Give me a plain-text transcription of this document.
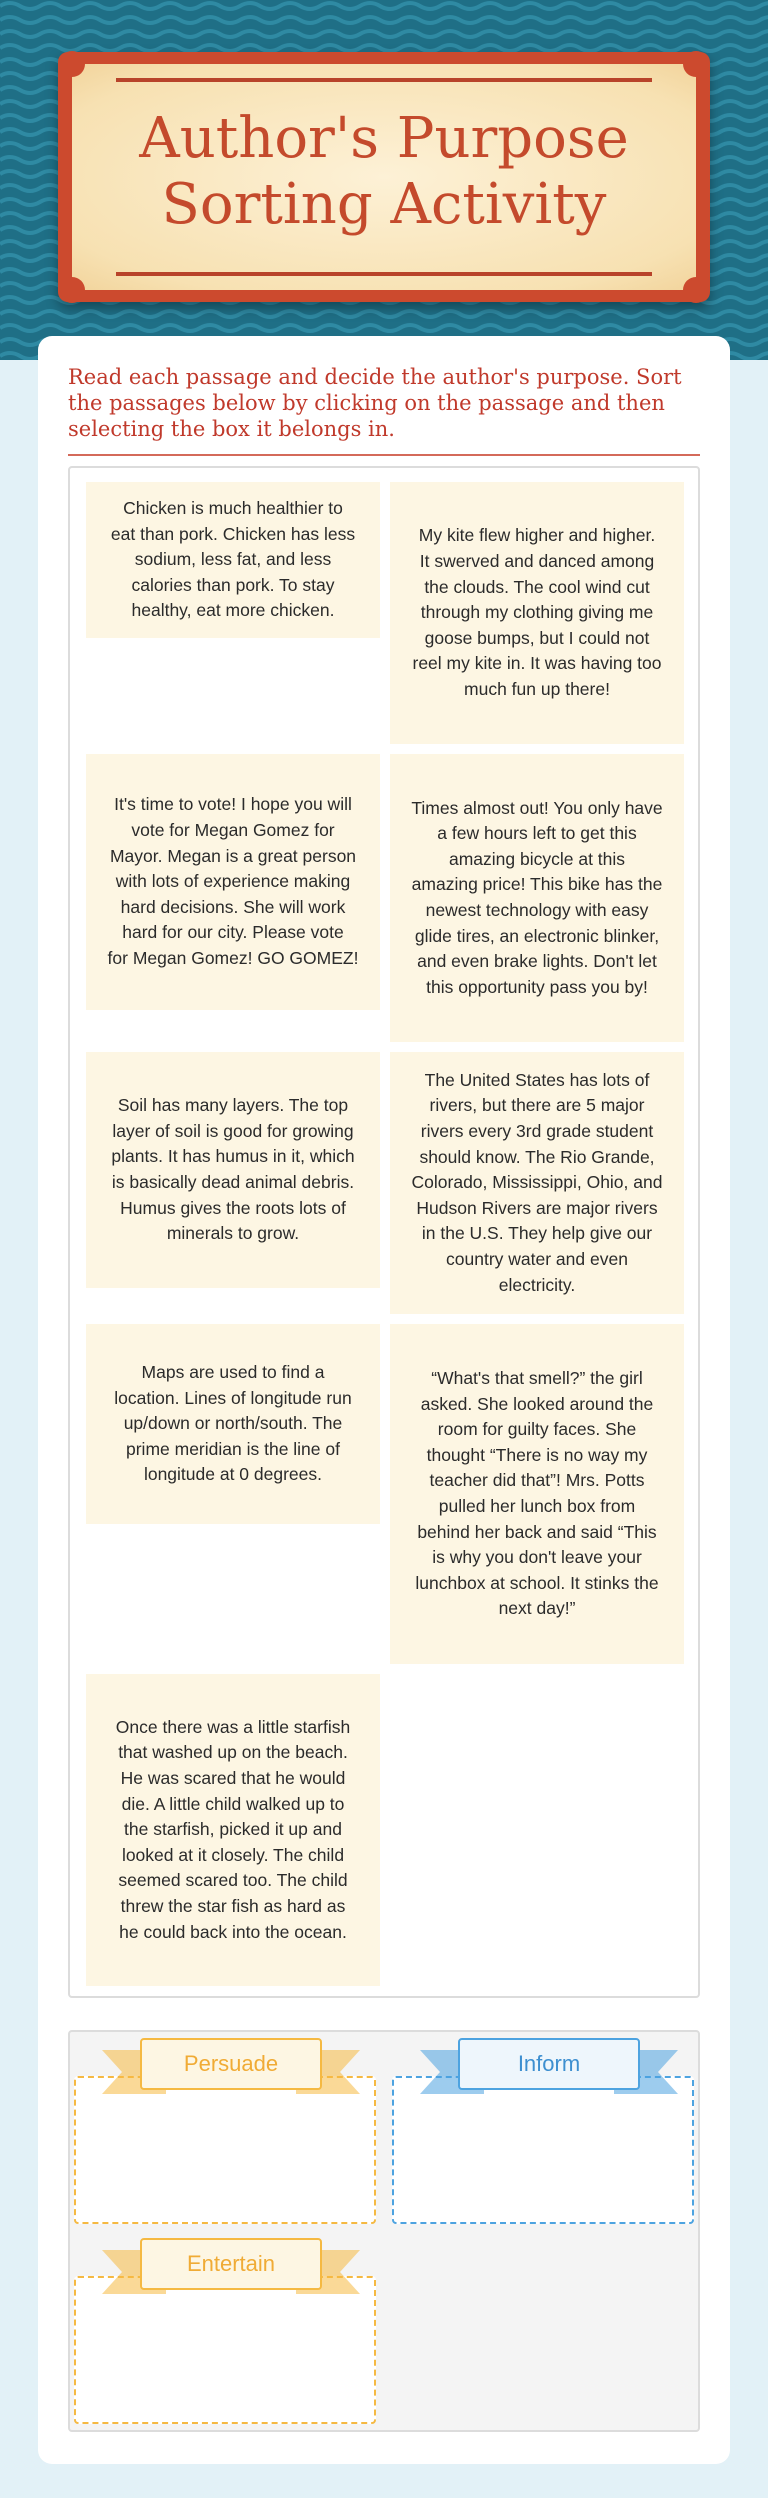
Author's Purpose
Sorting Activity
Read each passage and decide the author's purpose. Sort the passages below by clicking on the passage and then selecting the box it belongs in.
Chicken is much healthier to
eat than pork. Chicken has less
sodium, less fat, and less
calories than pork. To stay
healthy, eat more chicken.
My kite flew higher and higher.
It swerved and danced among
the clouds. The cool wind cut
through my clothing giving me
goose bumps, but I could not
reel my kite in. It was having too
much fun up there!
It's time to vote! I hope you will
vote for Megan Gomez for
Mayor. Megan is a great person
with lots of experience making
hard decisions. She will work
hard for our city. Please vote
for Megan Gomez! GO GOMEZ!
Times almost out! You only have
a few hours left to get this
amazing bicycle at this
amazing price! This bike has the
newest technology with easy
glide tires, an electronic blinker,
and even brake lights. Don't let
this opportunity pass you by!
Soil has many layers. The top
layer of soil is good for growing
plants. It has humus in it, which
is basically dead animal debris.
Humus gives the roots lots of
minerals to grow.
The United States has lots of
rivers, but there are 5 major
rivers every 3rd grade student
should know. The Rio Grande,
Colorado, Mississippi, Ohio, and
Hudson Rivers are major rivers
in the U.S. They help give our
country water and even
electricity.
Maps are used to find a
location. Lines of longitude run
up/down or north/south. The
prime meridian is the line of
longitude at 0 degrees.
“What's that smell?” the girl
asked. She looked around the
room for guilty faces. She
thought “There is no way my
teacher did that”! Mrs. Potts
pulled her lunch box from
behind her back and said “This
is why you don't leave your
lunchbox at school. It stinks the
next day!”
Once there was a little starfish
that washed up on the beach.
He was scared that he would
die. A little child walked up to
the starfish, picked it up and
looked at it closely. The child
seemed scared too. The child
threw the star fish as hard as
he could back into the ocean.
Persuade	Inform
Entertain
